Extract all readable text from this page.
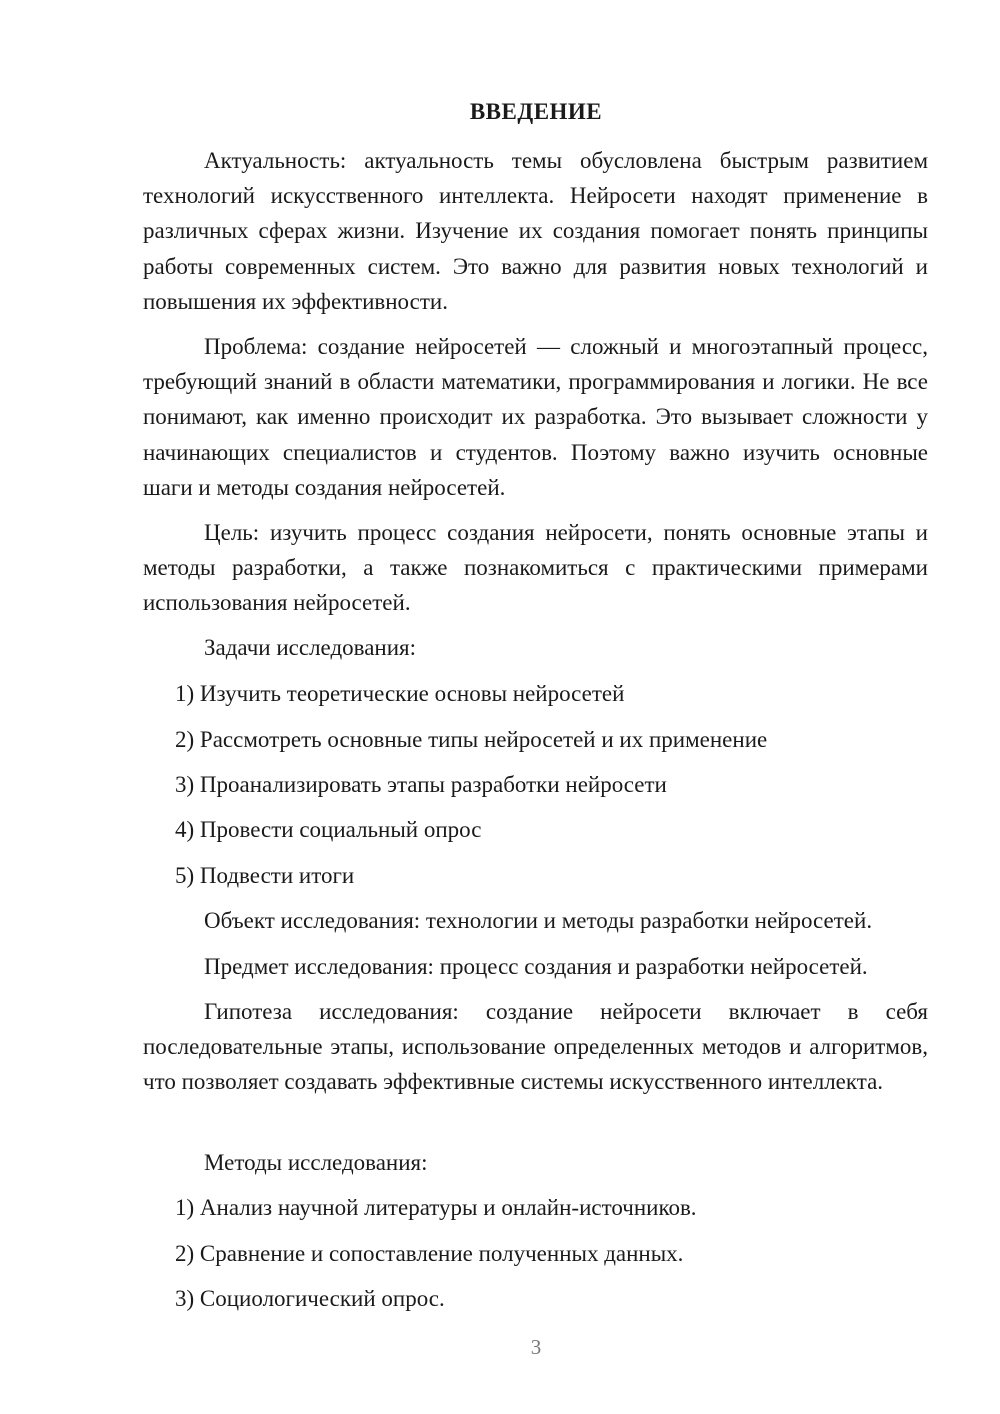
ВВЕДЕНИЕ

Актуальность: актуальность темы обусловлена быстрым развитием технологий искусственного интеллекта. Нейросети находят применение в различных сферах жизни. Изучение их создания помогает понять принципы работы современных систем. Это важно для развития новых технологий и повышения их эффективности.

Проблема: создание нейросетей — сложный и многоэтапный процесс, требующий знаний в области математики, программирования и логики. Не все понимают, как именно происходит их разработка. Это вызывает сложности у начинающих специалистов и студентов. Поэтому важно изучить основные шаги и методы создания нейросетей.

Цель: изучить процесс создания нейросети, понять основные этапы и методы разработки, а также познакомиться с практическими примерами использования нейросетей.

Задачи исследования:
1) Изучить теоретические основы нейросетей
2) Рассмотреть основные типы нейросетей и их применение
3) Проанализировать этапы разработки нейросети
4) Провести социальный опрос
5) Подвести итоги
Объект исследования: технологии и методы разработки нейросетей.
Предмет исследования: процесс создания и разработки нейросетей.

Гипотеза исследования: создание нейросети включает в себя последовательные этапы, использование определенных методов и алгоритмов, что позволяет создавать эффективные системы искусственного интеллекта.

Методы исследования:
1) Анализ научной литературы и онлайн-источников.
2) Сравнение и сопоставление полученных данных.
3) Социологический опрос.
3
